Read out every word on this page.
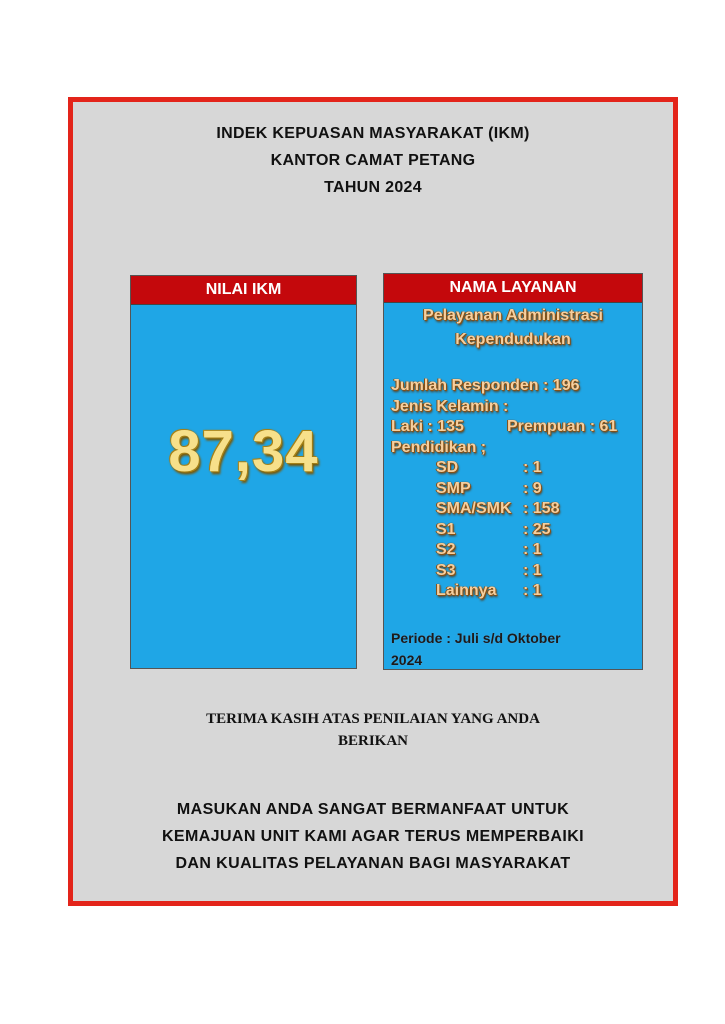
INDEK KEPUASAN MASYARAKAT (IKM)
KANTOR CAMAT PETANG
TAHUN 2024
NILAI IKM
87,34
NAMA LAYANAN
Pelayanan Administrasi
Kependudukan
Jumlah Responden : 196
Jenis Kelamin :
Laki : 135	Prempuan : 61
Pendidikan ;
SD	: 1
SMP	: 9
SMA/SMK : 158
S1	: 25
S2	: 1
S3	: 1
Lainnya	: 1
Periode : Juli s/d Oktober
2024
TERIMA KASIH ATAS PENILAIAN YANG ANDA
BERIKAN
MASUKAN ANDA SANGAT BERMANFAAT UNTUK
KEMAJUAN UNIT KAMI AGAR TERUS MEMPERBAIKI
DAN KUALITAS PELAYANAN BAGI MASYARAKAT
